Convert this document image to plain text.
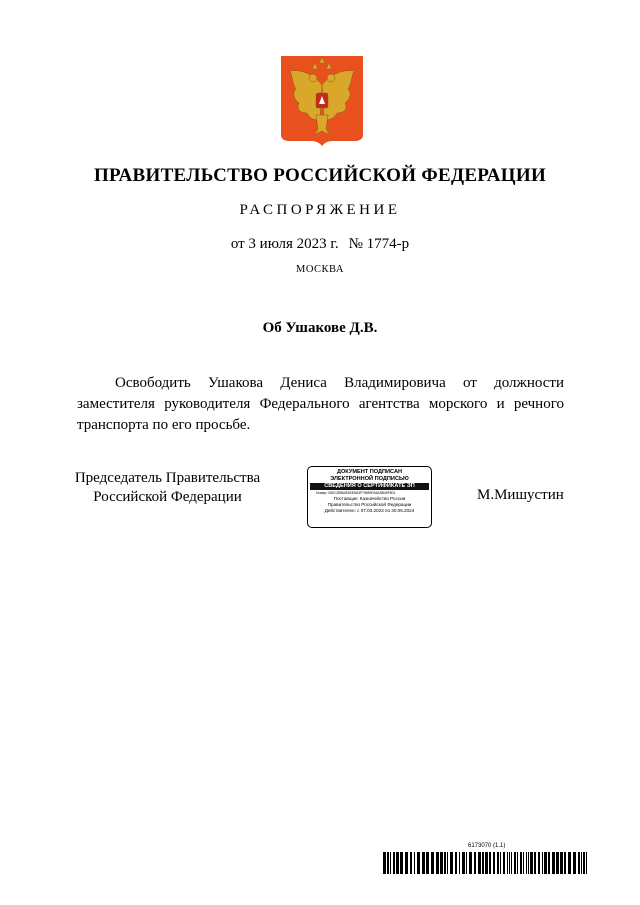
ПРАВИТЕЛЬСТВО РОССИЙСКОЙ ФЕДЕРАЦИИ
РАСПОРЯЖЕНИЕ
от 3 июля 2023 г. № 1774-р
МОСКВА
Об Ушакове Д.В.
Освободить Ушакова Дениса Владимировича от должности заместителя руководителя Федерального агентства морского и речного транспорта по его просьбе.
Председатель Правительства
Российской Федерации
ДОКУМЕНТ ПОДПИСАН
ЭЛЕКТРОННОЙ ПОДПИСЬЮ
СВЕДЕНИЯ О СЕРТИФИКАТЕ ЭП
Номер: 00ECDBB4E80E6A3F79859FA6A3B49F801
Поставщик: Казначейство России
Правительство Российской Федерации
Действителен: с 07.03.2023 по 30.05.2024
М.Мишустин
6173070 (1.1)
